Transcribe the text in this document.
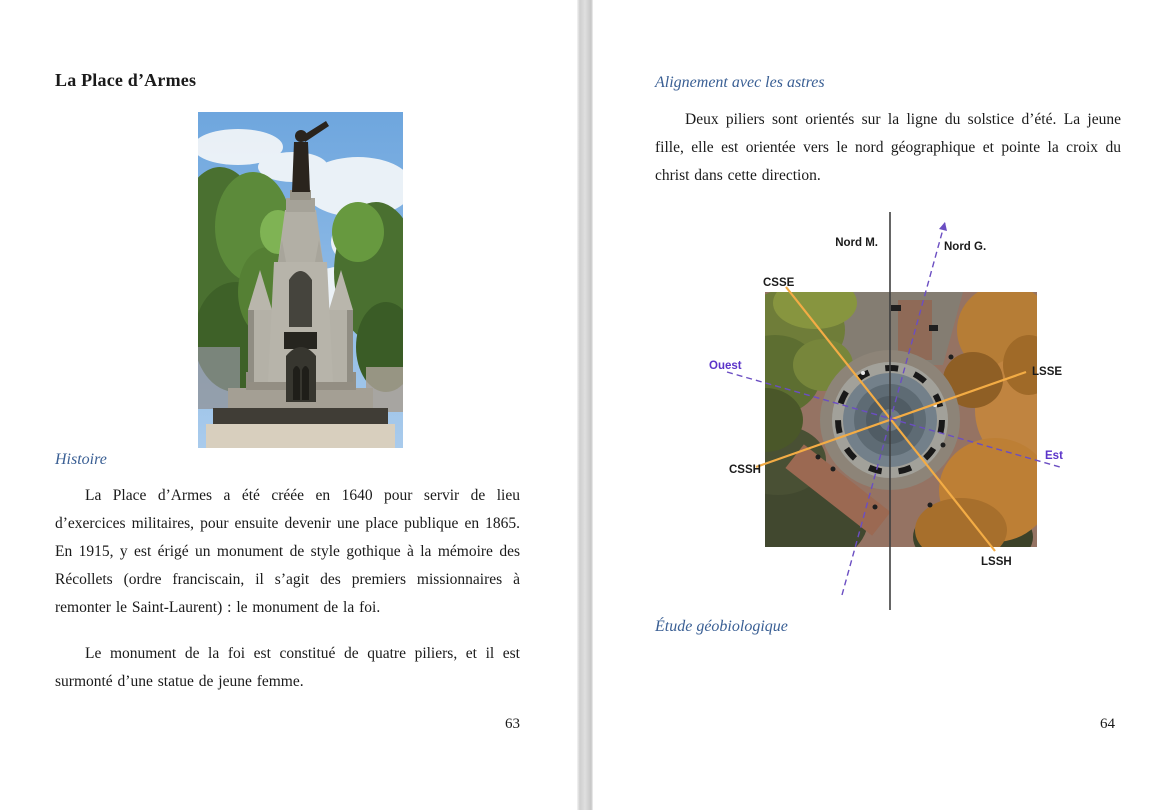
La Place d’Armes
Histoire
La Place d’Armes a été créée en 1640 pour servir de lieu d’exercices militaires, pour ensuite devenir une place publique en 1865. En 1915, y est érigé un monument de style gothique à la mémoire des Récollets (ordre franciscain, il s’agit des premiers missionnaires à remonter le Saint-Laurent) : le monument de la foi.
Le monument de la foi est constitué de quatre piliers, et il est surmonté d’une statue de jeune femme.
63
Alignement avec les astres
Deux piliers sont orientés sur la ligne du solstice d’été. La jeune fille, elle est orientée vers le nord géographique et pointe la croix du christ dans cette direction.
Nord M.	Nord G.
CSSE
Ouest	LSSE
CSSH
Est
LSSH
Étude géobiologique
64
